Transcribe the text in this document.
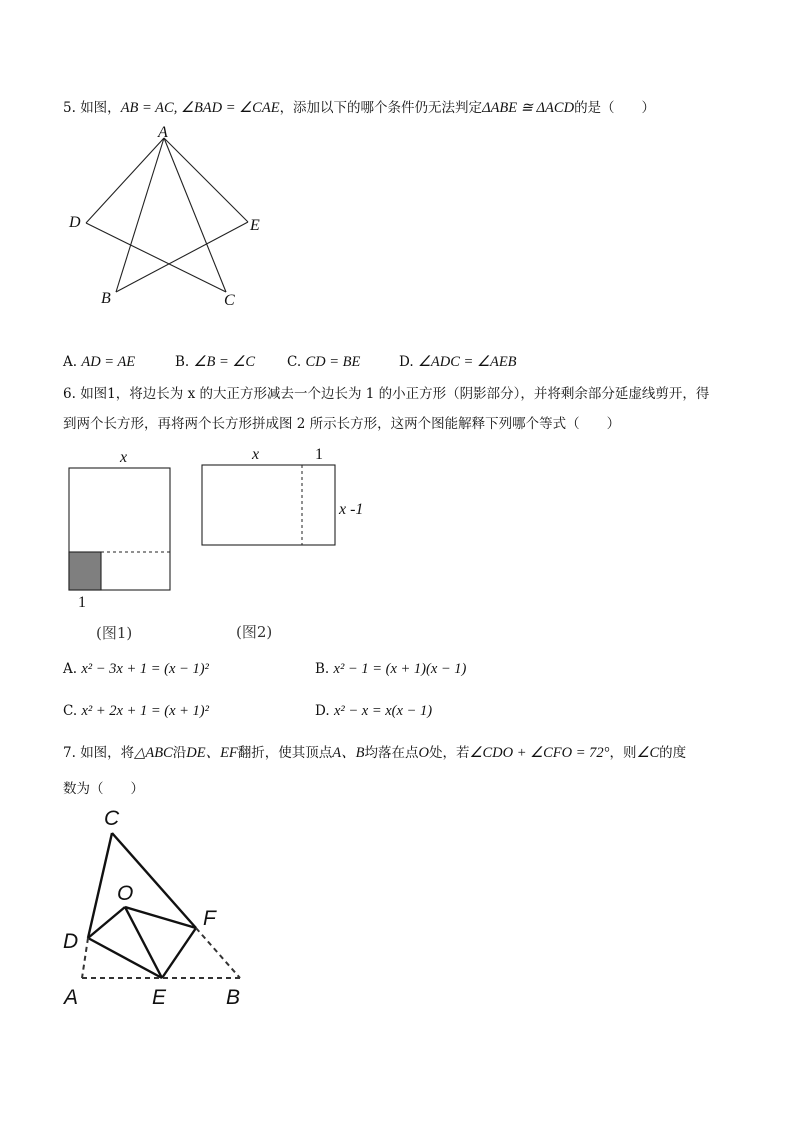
5. 如图，AB = AC, ∠BAD = ∠CAE，添加以下的哪个条件仍无法判定ΔABE ≅ ΔACD的是（　　）
A
D	E
B	C
A. AD = AE	B. ∠B = ∠C C. CD = BE	D. ∠ADC = ∠AEB
6. 如图1，将边长为 x 的大正方形减去一个边长为 1 的小正方形（阴影部分），并将剩余部分延虚线剪开，得
到两个长方形，再将两个长方形拼成图 2 所示长方形，这两个图能解释下列哪个等式（　　）
x
1
(图1)
x	1
x -1
(图2)
A. x² − 3x + 1 = (x − 1)²	B. x² − 1 = (x + 1)(x − 1)
C. x² + 2x + 1 = (x + 1)²	D. x² − x = x(x − 1)
7. 如图，将△ABC沿DE、EF翻折，使其顶点A、B均落在点O处，若∠CDO + ∠CFO = 72°，则∠C的度
数为（　　）
C
O
F
D
A	E	B
